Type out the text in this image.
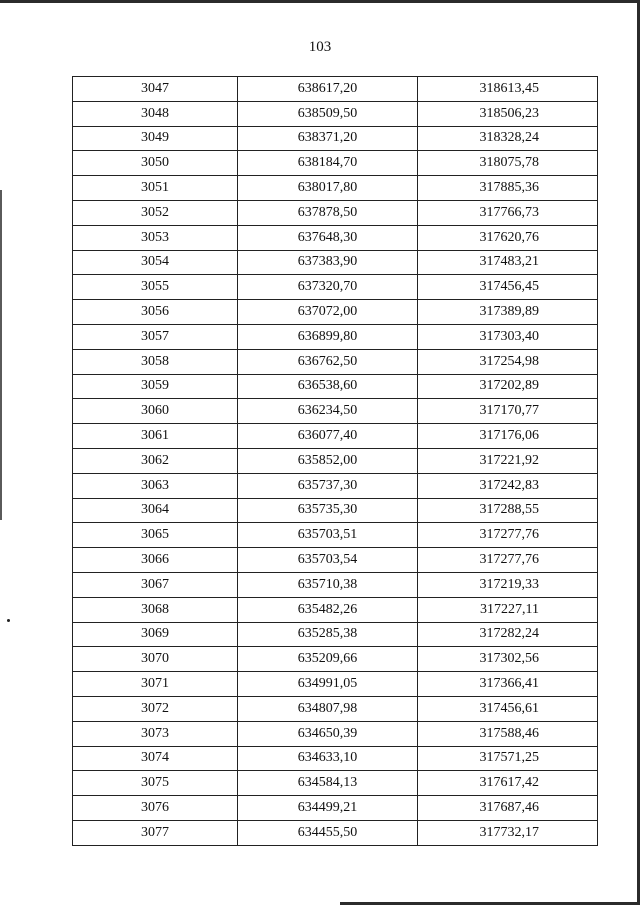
103
3047	638617,20	318613,45
3048	638509,50	318506,23
3049	638371,20	318328,24
3050	638184,70	318075,78
3051	638017,80	317885,36
3052	637878,50	317766,73
3053	637648,30	317620,76
3054	637383,90	317483,21
3055	637320,70	317456,45
3056	637072,00	317389,89
3057	636899,80	317303,40
3058	636762,50	317254,98
3059	636538,60	317202,89
3060	636234,50	317170,77
3061	636077,40	317176,06
3062	635852,00	317221,92
3063	635737,30	317242,83
3064	635735,30	317288,55
3065	635703,51	317277,76
3066	635703,54	317277,76
3067	635710,38	317219,33
3068	635482,26	317227,11
3069	635285,38	317282,24
3070	635209,66	317302,56
3071	634991,05	317366,41
3072	634807,98	317456,61
3073	634650,39	317588,46
3074	634633,10	317571,25
3075	634584,13	317617,42
3076	634499,21	317687,46
3077	634455,50	317732,17
